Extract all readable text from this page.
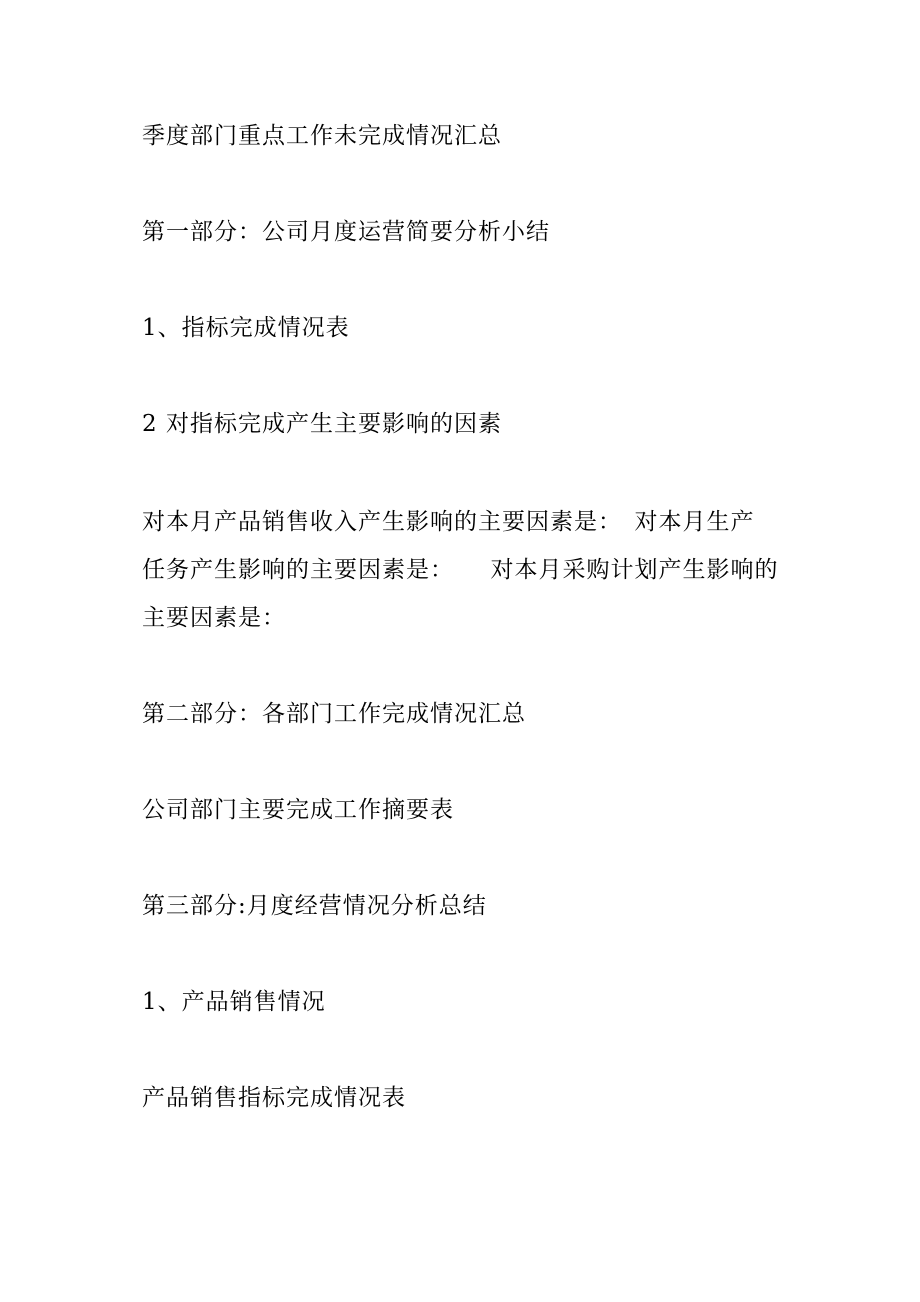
季度部门重点工作未完成情况汇总

第一部分：公司月度运营简要分析小结

1、指标完成情况表

2 对指标完成产生主要影响的因素

对本月产品销售收入产生影响的主要因素是：　对本月生产
任务产生影响的主要因素是：　　对本月采购计划产生影响的
主要因素是：

第二部分：各部门工作完成情况汇总

公司部门主要完成工作摘要表

第三部分:月度经营情况分析总结

1、产品销售情况

产品销售指标完成情况表
